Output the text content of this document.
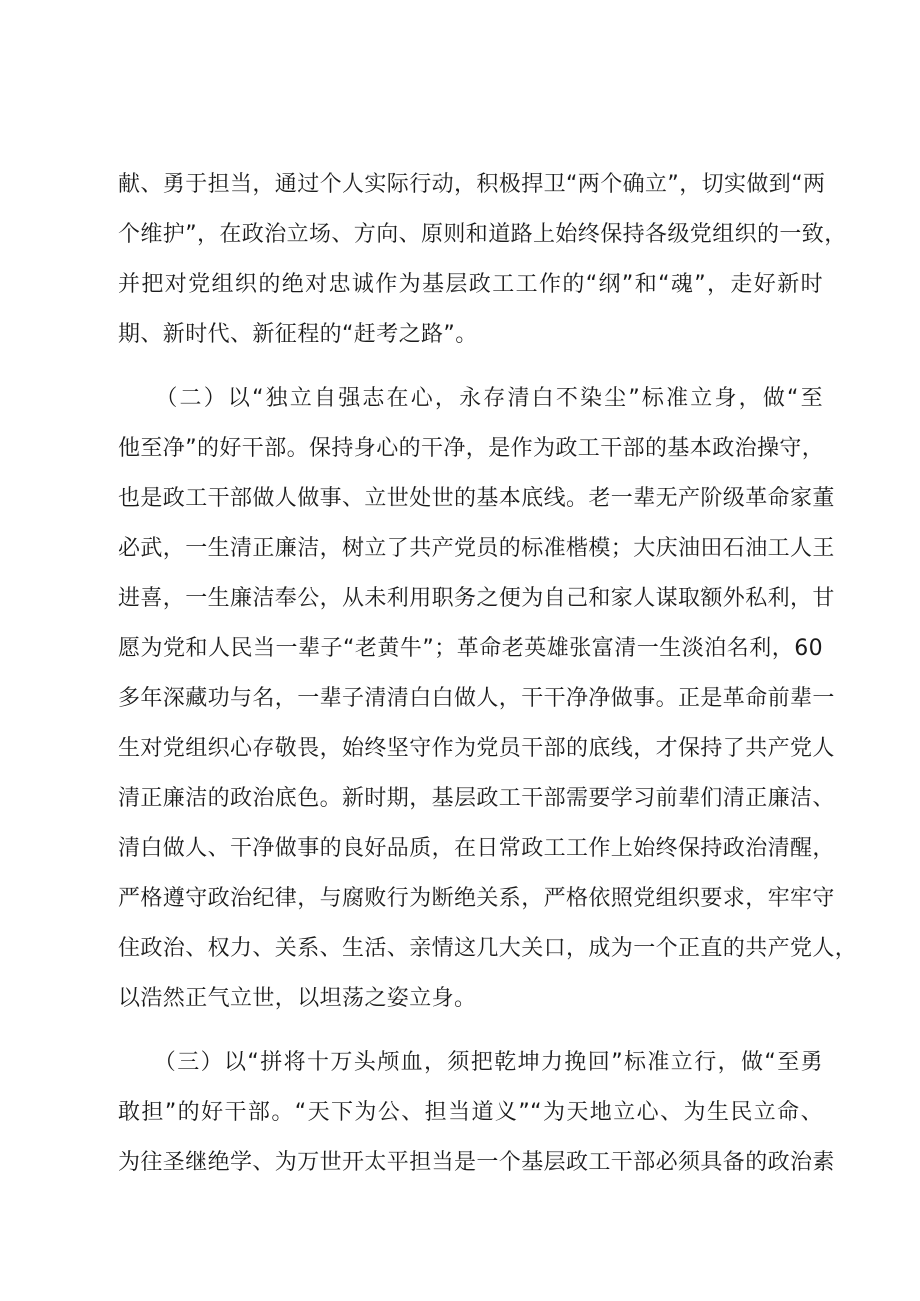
献、勇于担当，通过个人实际行动，积极捍卫“两个确立”，切实做到“两
个维护”，在政治立场、方向、原则和道路上始终保持各级党组织的一致，
并把对党组织的绝对忠诚作为基层政工工作的“纲”和“魂”，走好新时
期、新时代、新征程的“赶考之路”。
　　（二）以“独立自强志在心，永存清白不染尘”标准立身，做“至
他至净”的好干部。保持身心的干净，是作为政工干部的基本政治操守，
也是政工干部做人做事、立世处世的基本底线。老一辈无产阶级革命家董
必武，一生清正廉洁，树立了共产党员的标准楷模；大庆油田石油工人王
进喜，一生廉洁奉公，从未利用职务之便为自己和家人谋取额外私利，甘
愿为党和人民当一辈子“老黄牛”；革命老英雄张富清一生淡泊名利，60
多年深藏功与名，一辈子清清白白做人，干干净净做事。正是革命前辈一
生对党组织心存敬畏，始终坚守作为党员干部的底线，才保持了共产党人
清正廉洁的政治底色。新时期，基层政工干部需要学习前辈们清正廉洁、
清白做人、干净做事的良好品质，在日常政工工作上始终保持政治清醒，
严格遵守政治纪律，与腐败行为断绝关系，严格依照党组织要求，牢牢守
住政治、权力、关系、生活、亲情这几大关口，成为一个正直的共产党人，
以浩然正气立世，以坦荡之姿立身。
　　（三）以“拼将十万头颅血，须把乾坤力挽回”标准立行，做“至勇
敢担”的好干部。“天下为公、担当道义”“为天地立心、为生民立命、
为往圣继绝学、为万世开太平担当是一个基层政工干部必须具备的政治素
